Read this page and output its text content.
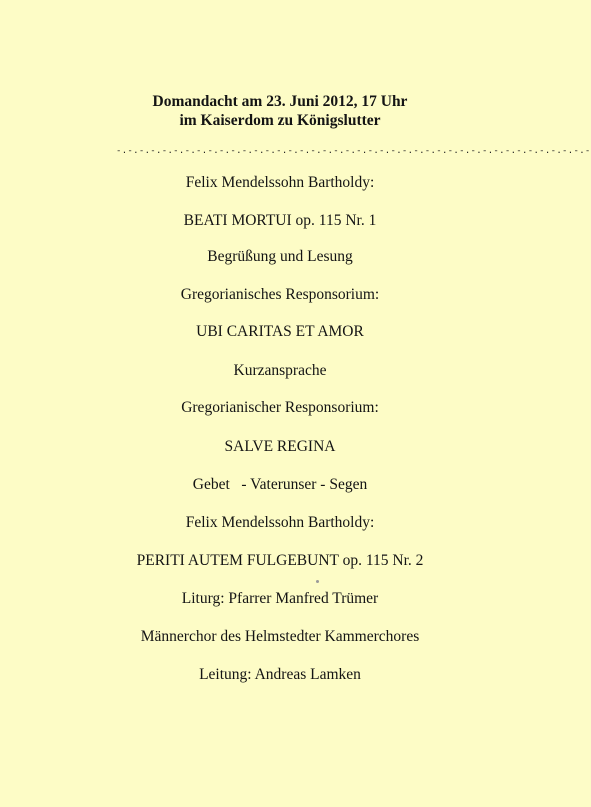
Domandacht am 23. Juni 2012, 17 Uhr
im Kaiserdom zu Königslutter
-.-.-.-.-.-.-.-.-.-.-.-.-.-.-.-.-.-.-.-.-.-.-.-.-.-.-.-.-.-.-.-.-.-.-.-.-.-.-.-.-.-
Felix Mendelssohn Bartholdy:
BEATI MORTUI op. 115 Nr. 1
Begrüßung und Lesung
Gregorianisches Responsorium:
UBI CARITAS ET AMOR
Kurzansprache
Gregorianischer Responsorium:
SALVE REGINA
Gebet   - Vaterunser - Segen
Felix Mendelssohn Bartholdy:
PERITI AUTEM FULGEBUNT op. 115 Nr. 2
Liturg: Pfarrer Manfred Trümer
Männerchor des Helmstedter Kammerchores
Leitung: Andreas Lamken
